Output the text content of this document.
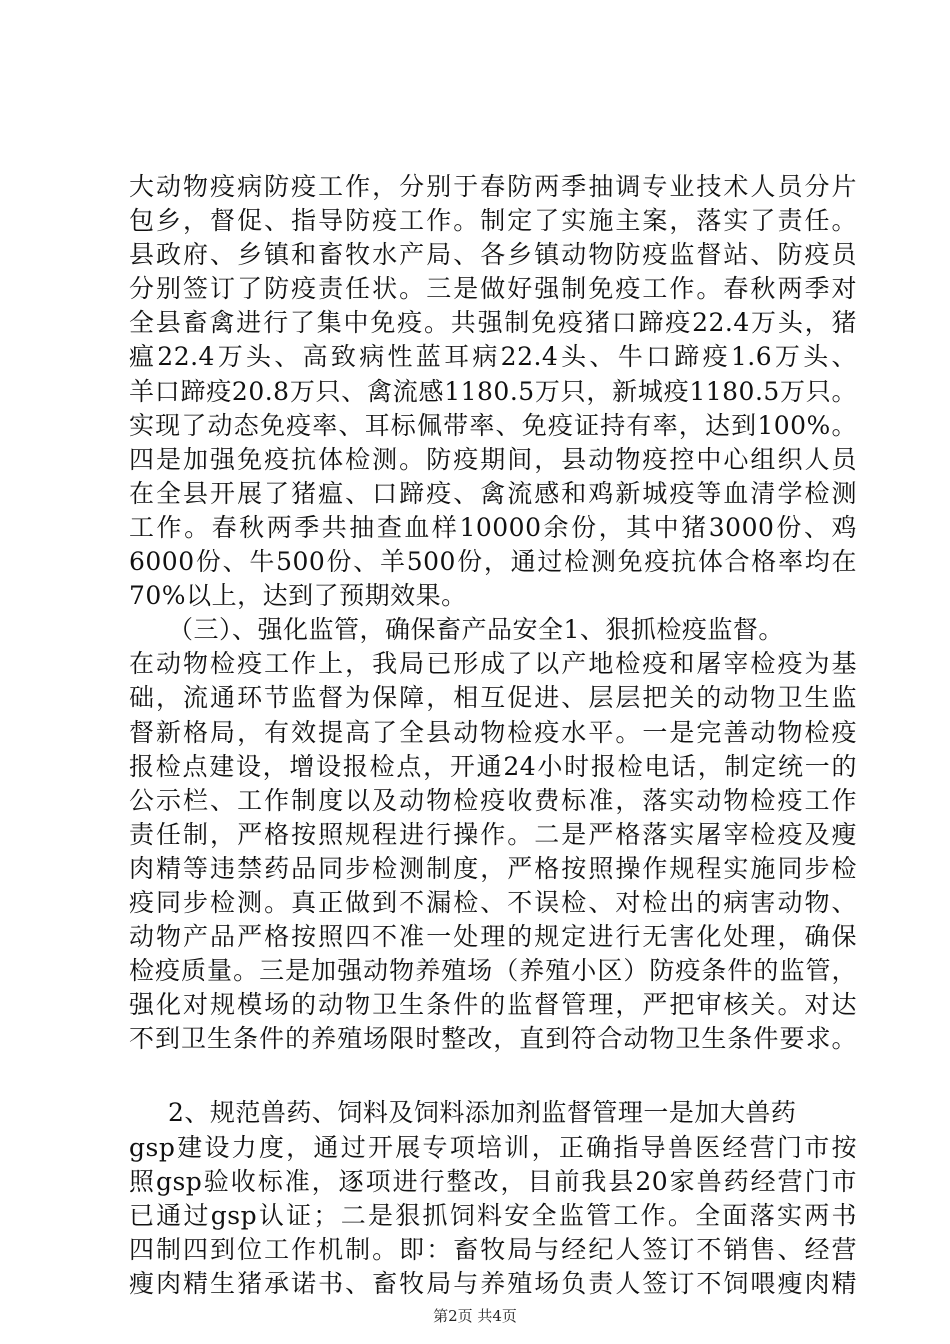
大动物疫病防疫工作，分别于春防两季抽调专业技术人员分片
包乡，督促、指导防疫工作。制定了实施主案，落实了责任。
县政府、乡镇和畜牧水产局、各乡镇动物防疫监督站、防疫员
分别签订了防疫责任状。三是做好强制免疫工作。春秋两季对
全县畜禽进行了集中免疫。共强制免疫猪口蹄疫22.4万头，猪
瘟22.4万头、高致病性蓝耳病22.4头、牛口蹄疫1.6万头、
羊口蹄疫20.8万只、禽流感1180.5万只，新城疫1180.5万只。
实现了动态免疫率、耳标佩带率、免疫证持有率，达到100%。
四是加强免疫抗体检测。防疫期间，县动物疫控中心组织人员
在全县开展了猪瘟、口蹄疫、禽流感和鸡新城疫等血清学检测
工作。春秋两季共抽查血样10000余份，其中猪3000份、鸡
6000份、牛500份、羊500份，通过检测免疫抗体合格率均在
70%以上，达到了预期效果。
（三）、强化监管，确保畜产品安全1、狠抓检疫监督。
在动物检疫工作上，我局已形成了以产地检疫和屠宰检疫为基
础，流通环节监督为保障，相互促进、层层把关的动物卫生监
督新格局，有效提高了全县动物检疫水平。一是完善动物检疫
报检点建设，增设报检点，开通24小时报检电话，制定统一的
公示栏、工作制度以及动物检疫收费标准，落实动物检疫工作
责任制，严格按照规程进行操作。二是严格落实屠宰检疫及瘦
肉精等违禁药品同步检测制度，严格按照操作规程实施同步检
疫同步检测。真正做到不漏检、不误检、对检出的病害动物、
动物产品严格按照四不准一处理的规定进行无害化处理，确保
检疫质量。三是加强动物养殖场（养殖小区）防疫条件的监管，
强化对规模场的动物卫生条件的监督管理，严把审核关。对达
不到卫生条件的养殖场限时整改，直到符合动物卫生条件要求。
2、规范兽药、饲料及饲料添加剂监督管理一是加大兽药
gsp建设力度，通过开展专项培训，正确指导兽医经营门市按
照gsp验收标准，逐项进行整改，目前我县20家兽药经营门市
已通过gsp认证；二是狠抓饲料安全监管工作。全面落实两书
四制四到位工作机制。即：畜牧局与经纪人签订不销售、经营
瘦肉精生猪承诺书、畜牧局与养殖场负责人签订不饲喂瘦肉精
第2页 共4页
